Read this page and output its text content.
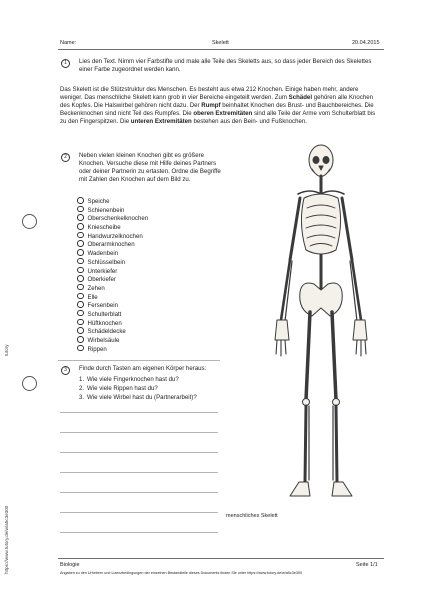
tutory
https://www.tutory.de/w/a5c3e300
Name:	Skelett	20.04.2015
1	Lies den Text. Nimm vier Farbstifte und male alle Teile des Skeletts aus, so dass jeder Bereich des Skelettes einer Farbe zugeordnet werden kann.
Das Skelett ist die Stützstruktur des Menschen. Es besteht aus etwa 212 Knochen. Einige haben mehr, andere weniger. Das menschliche Skelett kann grob in vier Bereiche eingeteilt werden. Zum Schädel gehören alle Knochen des Kopfes. Die Halswirbel gehören nicht dazu. Der Rumpf beinhaltet Knochen des Brust- und Bauchbereiches. Die Beckenknochen sind nicht Teil des Rumpfes. Die oberen Extremitäten sind alle Teile der Arme vom Schulterblatt bis zu den Fingerspitzen. Die unteren Extremitäten bestehen aus den Bein- und Fußknochen.
2	Neben vielen kleinen Knochen gibt es größere Knochen. Versuche diese mit Hilfe deines Partners oder deiner Partnerin zu ertasten. Ordne die Begriffe mit Zahlen den Knochen auf dem Bild zu.
Speiche
Schienenbein
Oberschenkelknochen
Kniescheibe
Handwurzelknochen
Oberarmknochen
Wadenbein
Schlüsselbein
Unterkiefer
Oberkiefer
Zehen
Elle
Fersenbein
Schulterblatt
Hüftknochen
Schädeldecke
Wirbelsäule
Rippen
3	Finde durch Tasten am eigenen Körper heraus:
1. Wie viele Fingerknochen hast du?
2. Wie viele Rippen hast du?
3. Wie viele Wirbel hast du (Partnerarbeit)?
menschliches Skelett
Biologie	Seite 1/1
Angaben zu den Urhebern und Lizenzbedingungen der einzelnen Bestandteile dieses Dokuments finden Sie unter https://www.tutory.de/w/a5c3e300
